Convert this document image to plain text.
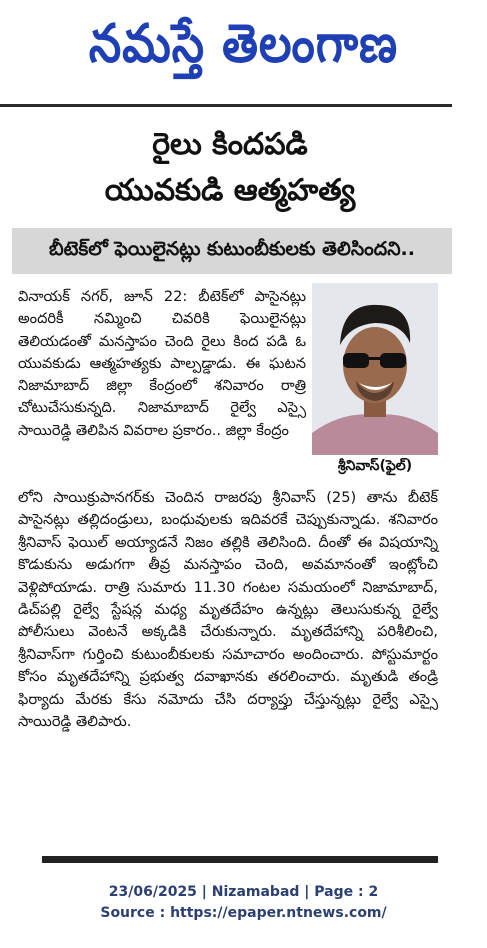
నమస్తే తెలంగాణ
రైలు కిందపడి
యువకుడి ఆత్మహత్య
బీటెక్‌లో ఫెయిలైనట్లు కుటుంబీకులకు తెలిసిందని..
శ్రీనివాస్‌(ఫైల్‌)

వినాయక్‌ నగర్‌, జూన్‌ 22: బీటెక్‌లో పాసైనట్లు అందరికీ నమ్మించి చివరికి ఫెయిలైనట్లు తెలియడంతో మనస్తాపం చెంది రైలు కింద పడి ఓ యువకుడు ఆత్మహత్యకు పాల్పడ్డాడు. ఈ ఘటన నిజామాబాద్‌ జిల్లా కేంద్రంలో శనివారం రాత్రి చోటుచేసుకున్నది. నిజామాబాద్‌ రైల్వే ఎస్సై సాయిరెడ్డి తెలిపిన వివరాల ప్రకారం.. జిల్లా కేంద్రం

లోని సాయిక్రుపానగర్‌కు చెందిన రాజరపు శ్రీనివాస్‌ (25) తాను బీటెక్‌ పాసైనట్లు తల్లిదండ్రులు, బంధువులకు ఇదివరకే చెప్పుకున్నాడు. శనివారం శ్రీనివాస్‌ ఫెయిల్‌ అయ్యాడనే నిజం తల్లికి తెలిసింది. దీంతో ఈ విషయాన్ని కొడుకును అడుగగా తీవ్ర మనస్తాపం చెంది, అవమానంతో ఇంట్లోంచి వెళ్లిపోయాడు. రాత్రి సుమారు 11.30 గంటల సమయంలో నిజామాబాద్‌, డిచ్‌పల్లి రైల్వే స్టేషన్ల మధ్య మృతదేహం ఉన్నట్లు తెలుసుకున్న రైల్వే పోలీసులు వెంటనే అక్కడికి చేరుకున్నారు. మృతదేహాన్ని పరిశీలించి, శ్రీనివాస్‌గా గుర్తించి కుటుంబీకులకు సమాచారం అందించారు. పోస్టుమార్టం కోసం మృతదేహాన్ని ప్రభుత్వ దవాఖానకు తరలించారు. మృతుడి తండ్రి ఫిర్యాదు మేరకు కేసు నమోదు చేసి దర్యాప్తు చేస్తున్నట్లు రైల్వే ఎస్సై సాయిరెడ్డి తెలిపారు.

23/06/2025 | Nizamabad | Page : 2
Source : https://epaper.ntnews.com/
